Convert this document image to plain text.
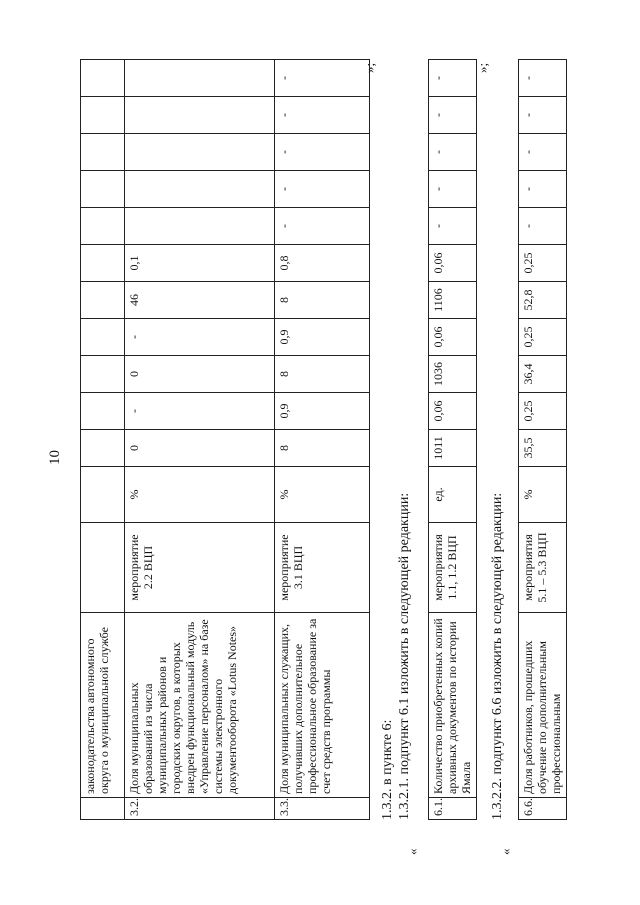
10
	законодательства автономного округа о муниципальной службе													
3.2.	Доля муниципальных образований из числа муниципальных районов и городских округов, в которых внедрен функциональный модуль «Управление персоналом» на базе системы электронного документооборота «Lotus Notes»	мероприятие 2.2 ВЦП	%	0	-	0	-	46	0,1					
3.3.	Доля муниципальных служащих, получивших дополнительное профессиональное образование за счет средств программы	мероприятие 3.1 ВЦП	%	8	0,9	8	0,9	8	0,8	-	-	-	-	-
»;
1.3.2. в пункте 6: 1.3.2.1. подпункт 6.1 изложить в следующей редакции:
«
6.1.	Количество приобретенных копий архивных документов по истории Ямала	мероприятия 1.1, 1.2 ВЦП	ед.	1011	0,06	1036	0,06	1106	0,06	-	-	-	-	-
»;
1.3.2.2. подпункт 6.6 изложить в следующей редакции:
«
6.6.	Доля работников, прошедших обучение по дополнительным профессиональным	мероприятия 5.1 – 5.3 ВЦП	%	35,5	0,25	36,4	0,25	52,8	0,25	-	-	-	-	-
